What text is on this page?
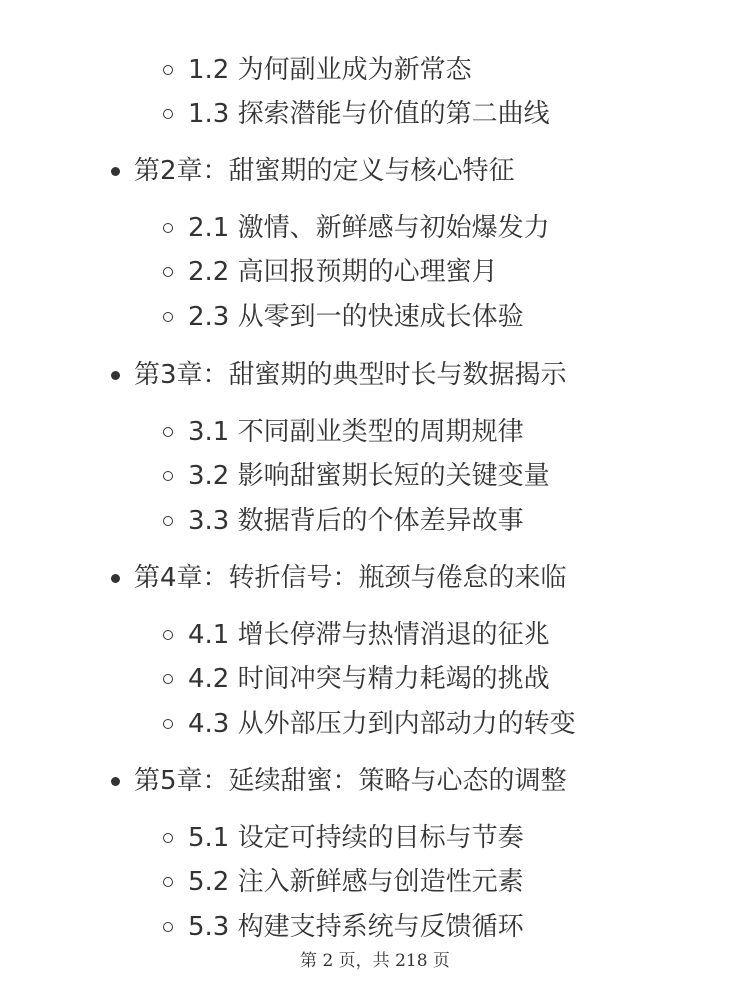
1.2 为何副业成为新常态
1.3 探索潜能与价值的第二曲线
第2章：甜蜜期的定义与核心特征
2.1 激情、新鲜感与初始爆发力
2.2 高回报预期的心理蜜月
2.3 从零到一的快速成长体验
第3章：甜蜜期的典型时长与数据揭示
3.1 不同副业类型的周期规律
3.2 影响甜蜜期长短的关键变量
3.3 数据背后的个体差异故事
第4章：转折信号：瓶颈与倦怠的来临
4.1 增长停滞与热情消退的征兆
4.2 时间冲突与精力耗竭的挑战
4.3 从外部压力到内部动力的转变
第5章：延续甜蜜：策略与心态的调整
5.1 设定可持续的目标与节奏
5.2 注入新鲜感与创造性元素
5.3 构建支持系统与反馈循环
第 2 页，共 218 页
